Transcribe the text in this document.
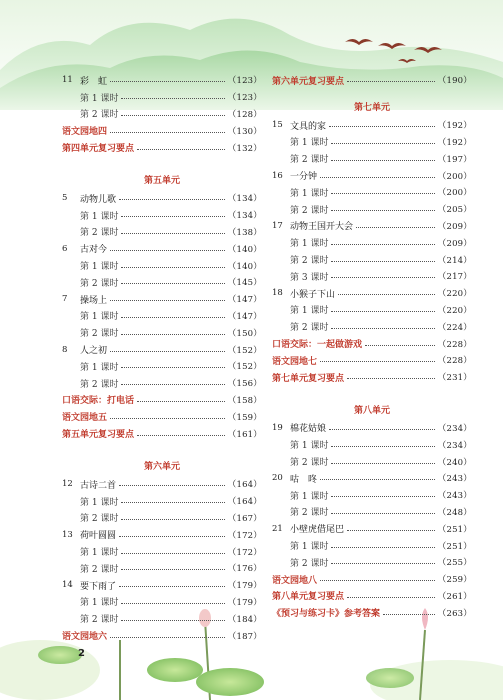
11 彩　虹	（123）
第 1 课时	（123）
第 2 课时	（128）
语文园地四	（130）
第四单元复习要点	（132）
第五单元
5	动物儿歌	（134）
第 1 课时	（134）
第 2 课时	（138）
6	古对今	（140）
第 1 课时	（140）
第 2 课时	（145）
7	操场上	（147）
第 1 课时	（147）
第 2 课时	（150）
8	人之初	（152）
第 1 课时	（152）
第 2 课时	（156）
口语交际：打电话	（158）
语文园地五	（159）
第五单元复习要点	（161）
第六单元
12 古诗二首	（164）
第 1 课时	（164）
第 2 课时	（167）
13 荷叶圆圆	（172）
第 1 课时	（172）
第 2 课时	（176）
14 要下雨了	（179）
第 1 课时	（179）
第 2 课时	（184）
语文园地六	（187）
第六单元复习要点	（190）
第七单元
15 文具的家	（192）
第 1 课时	（192）
第 2 课时	（197）
16 一分钟	（200）
第 1 课时	（200）
第 2 课时	（205）
17 动物王国开大会	（209）
第 1 课时	（209）
第 2 课时	（214）
第 3 课时	（217）
18 小猴子下山	（220）
第 1 课时	（220）
第 2 课时	（224）
口语交际：一起做游戏	（228）
语文园地七	（228）
第七单元复习要点	（231）
第八单元
19 棉花姑娘	（234）
第 1 课时	（234）
第 2 课时	（240）
20 咕　咚	（243）
第 1 课时	（243）
第 2 课时	（248）
21 小壁虎借尾巴	（251）
第 1 课时	（251）
第 2 课时	（255）
语文园地八	（259）
第八单元复习要点	（261）
《预习与练习卡》参考答案	（263）
2
